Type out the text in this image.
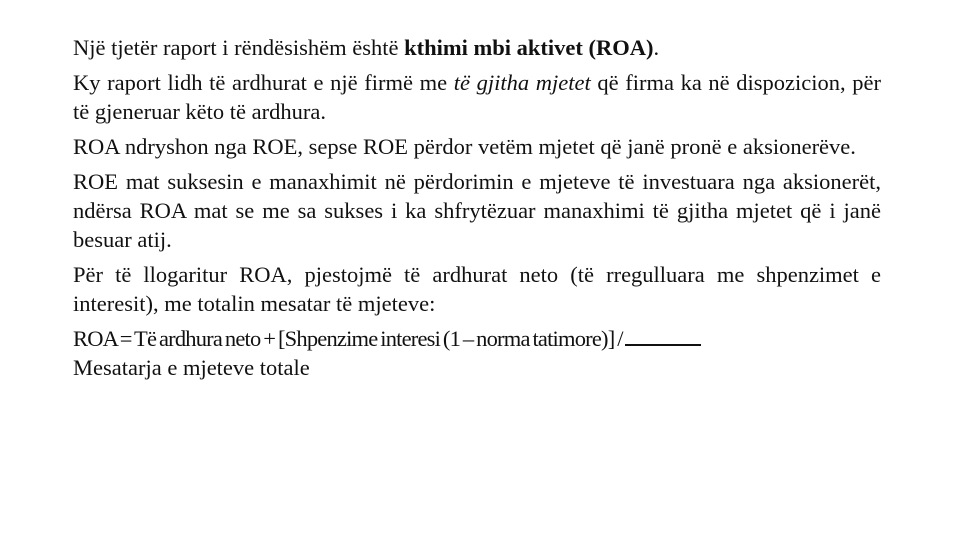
Një tjetër raport i rëndësishëm është kthimi mbi aktivet (ROA).

Ky raport lidh të ardhurat e një firmë me të gjitha mjetet që firma ka në dispozicion, për të gjeneruar këto të ardhura.

ROA ndryshon nga ROE, sepse ROE përdor vetëm mjetet që janë pronë e aksionerëve.

ROE mat suksesin e manaxhimit në përdorimin e mjeteve të investuara nga aksionerët, ndërsa ROA mat se me sa sukses i ka shfrytëzuar manaxhimi të gjitha mjetet që i janë besuar atij.

Për të llogaritur ROA, pjestojmë të ardhurat neto (të rregulluara me shpenzimet e interesit), me totalin mesatar të mjeteve:

ROA = Të ardhura neto + [Shpenzime interesi (1 – norma tatimore)] /
Mesatarja e mjeteve totale
